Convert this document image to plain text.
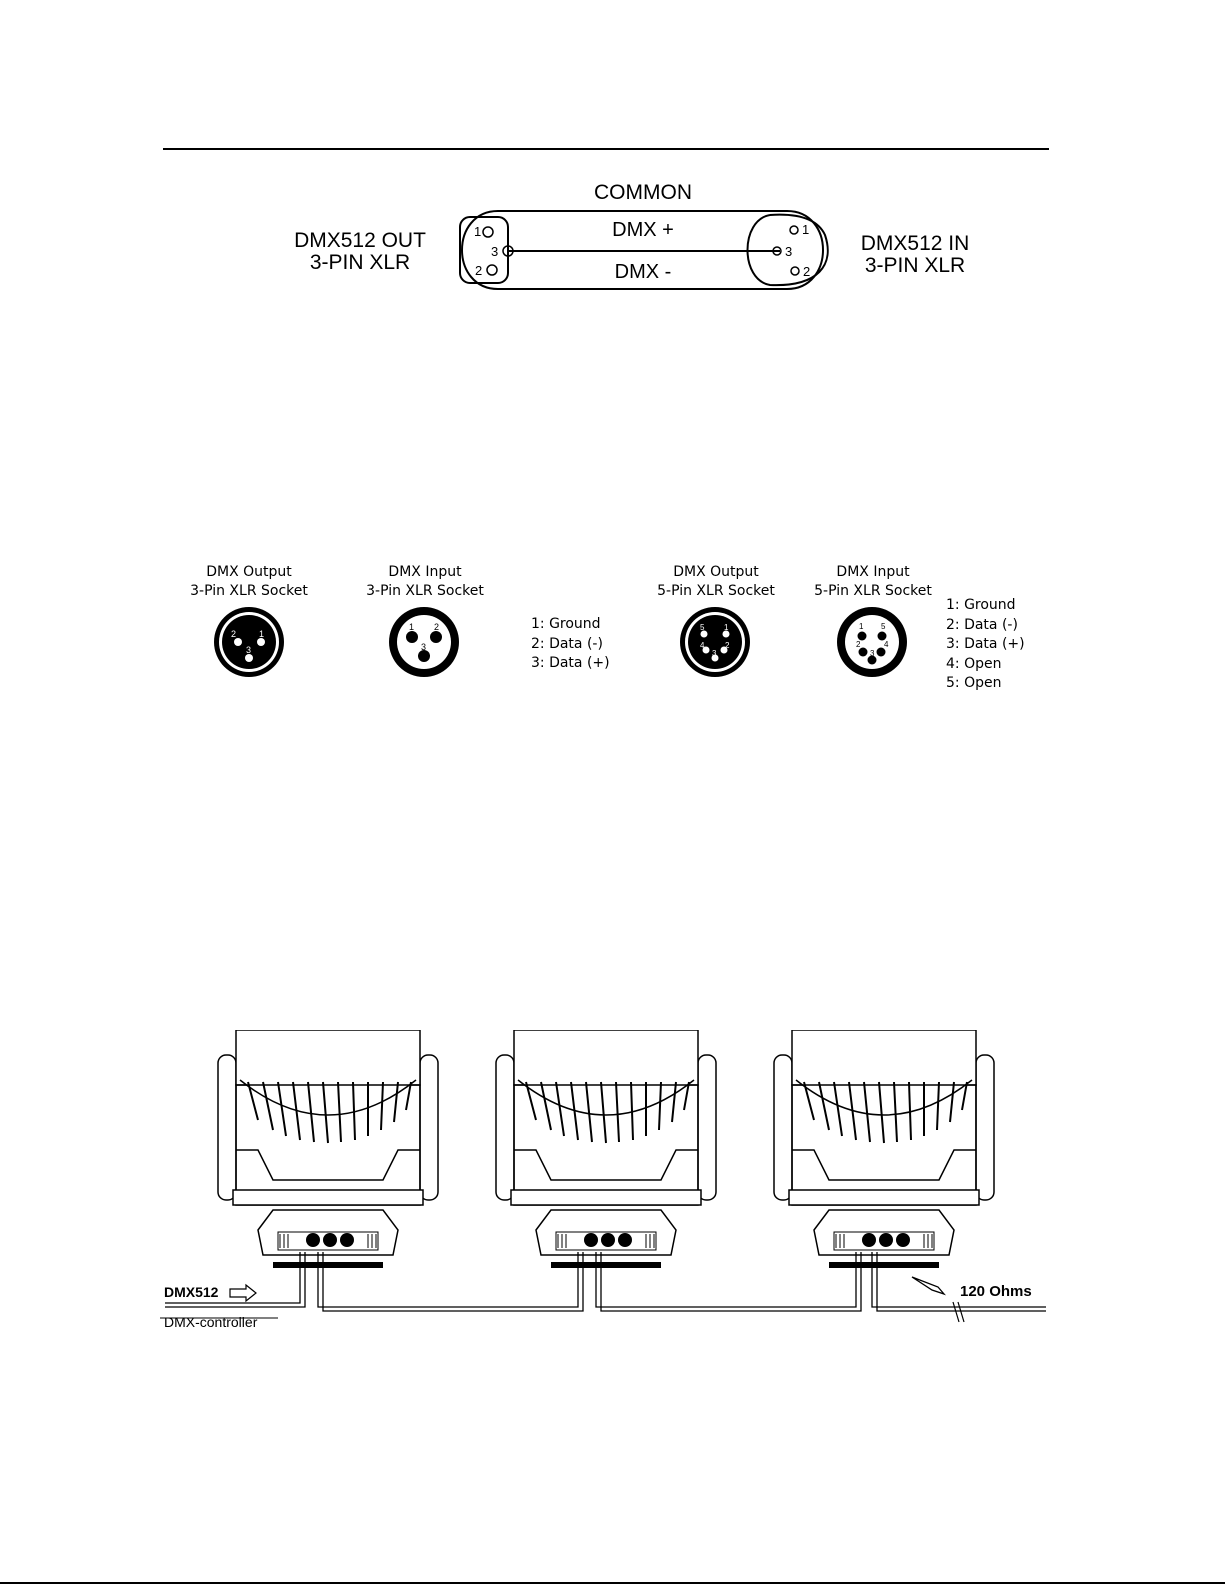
DMX512 OUT
3-PIN XLR
DMX512 IN
3-PIN XLR
COMMON
DMX +
DMX -
1
3
2
1
3
2
DMX Output
3-Pin XLR Socket
DMX Input
3-Pin XLR Socket
DMX Output
5-Pin XLR Socket
DMX Input
5-Pin XLR Socket
2	1
3
1 2
3
5 1
4	2
3
1 5
2	4
3
1: Ground
2: Data (-)
3: Data (+)
1: Ground
2: Data (-)
3: Data (+)
4: Open
5: Open
DMX512
DMX-controller
120 Ohms
